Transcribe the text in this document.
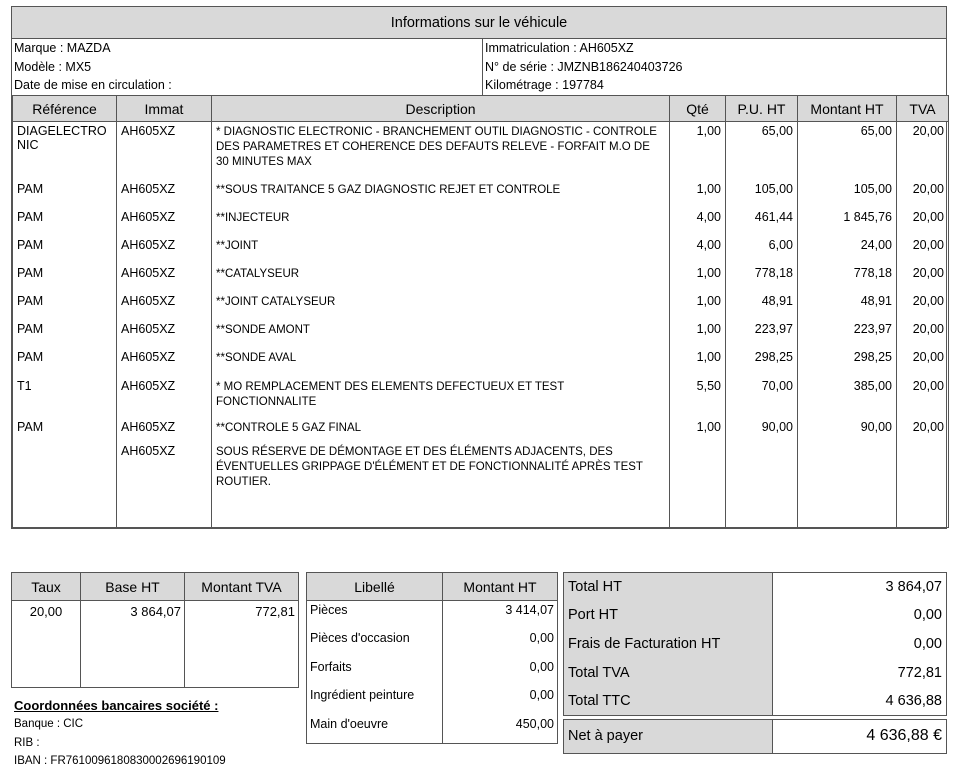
Informations sur le véhicule
Marque : MAZDA
Modèle : MX5
Date de mise en circulation :
Immatriculation : AH605XZ
N° de série : JMZNB186240403726
Kilométrage : 197784
Référence	Immat	Description	Qté	P.U. HT	Montant HT	TVA
DIAGELECTRONIC	AH605XZ	* DIAGNOSTIC ELECTRONIC - BRANCHEMENT OUTIL DIAGNOSTIC - CONTROLE DES PARAMETRES ET COHERENCE DES DEFAUTS RELEVE - FORFAIT M.O DE 30 MINUTES MAX	1,00	65,00	65,00	20,00
PAM	AH605XZ	**SOUS TRAITANCE 5 GAZ DIAGNOSTIC REJET ET CONTROLE	1,00	105,00	105,00	20,00
PAM	AH605XZ	**INJECTEUR	4,00	461,44	1 845,76	20,00
PAM	AH605XZ	**JOINT	4,00	6,00	24,00	20,00
PAM	AH605XZ	**CATALYSEUR	1,00	778,18	778,18	20,00
PAM	AH605XZ	**JOINT CATALYSEUR	1,00	48,91	48,91	20,00
PAM	AH605XZ	**SONDE AMONT	1,00	223,97	223,97	20,00
PAM	AH605XZ	**SONDE AVAL	1,00	298,25	298,25	20,00
T1	AH605XZ	* MO REMPLACEMENT DES ELEMENTS DEFECTUEUX ET TEST FONCTIONNALITE	5,50	70,00	385,00	20,00
PAM	AH605XZ	**CONTROLE 5 GAZ FINAL	1,00	90,00	90,00	20,00
	AH605XZ	SOUS RÉSERVE DE DÉMONTAGE ET DES ÉLÉMENTS ADJACENTS, DES ÉVENTUELLES GRIPPAGE D'ÉLÉMENT ET DE FONCTIONNALITÉ APRÈS TEST ROUTIER.				
Taux	Base HT	Montant TVA
20,00	3 864,07	772,81
Libellé	Montant HT
Pièces	3 414,07
Pièces d'occasion	0,00
Forfaits	0,00
Ingrédient peinture	0,00
Main d'oeuvre	450,00
Total HT	3 864,07
Port HT	0,00
Frais de Facturation HT	0,00
Total TVA	772,81
Total TTC	4 636,88

Net à payer	4 636,88 €
Coordonnées bancaires société :
Banque : CIC
RIB :
IBAN : FR7610096180830002696190109
